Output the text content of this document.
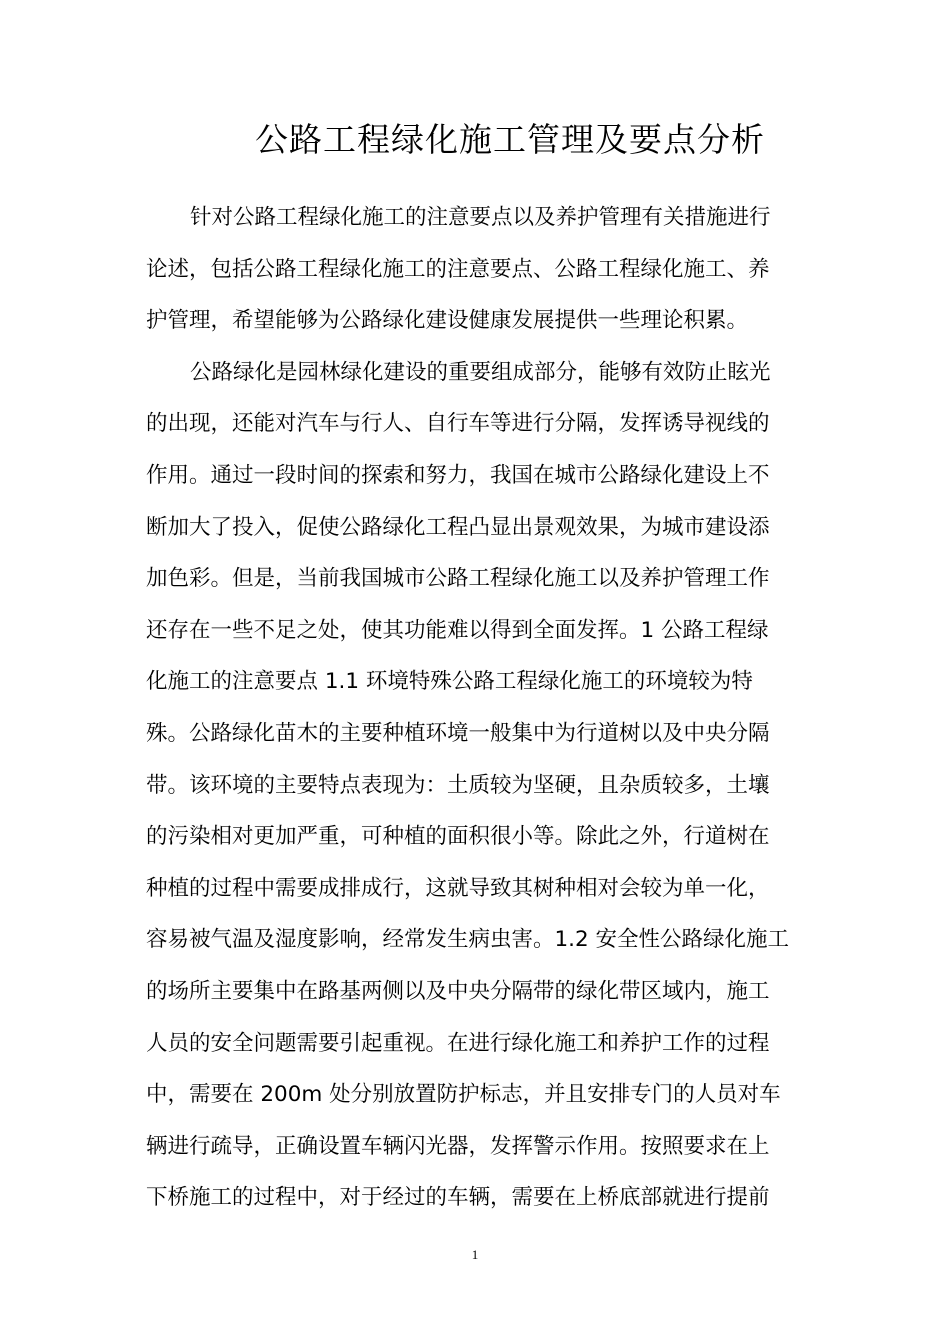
公路工程绿化施工管理及要点分析
针对公路工程绿化施工的注意要点以及养护管理有关措施进行
论述，包括公路工程绿化施工的注意要点、公路工程绿化施工、养
护管理，希望能够为公路绿化建设健康发展提供一些理论积累。
公路绿化是园林绿化建设的重要组成部分，能够有效防止眩光
的出现，还能对汽车与行人、自行车等进行分隔，发挥诱导视线的
作用。通过一段时间的探索和努力，我国在城市公路绿化建设上不
断加大了投入，促使公路绿化工程凸显出景观效果，为城市建设添
加色彩。但是，当前我国城市公路工程绿化施工以及养护管理工作
还存在一些不足之处，使其功能难以得到全面发挥。1 公路工程绿
化施工的注意要点 1.1 环境特殊公路工程绿化施工的环境较为特
殊。公路绿化苗木的主要种植环境一般集中为行道树以及中央分隔
带。该环境的主要特点表现为：土质较为坚硬，且杂质较多，土壤
的污染相对更加严重，可种植的面积很小等。除此之外，行道树在
种植的过程中需要成排成行，这就导致其树种相对会较为单一化，
容易被气温及湿度影响，经常发生病虫害。1.2 安全性公路绿化施工
的场所主要集中在路基两侧以及中央分隔带的绿化带区域内，施工
人员的安全问题需要引起重视。在进行绿化施工和养护工作的过程
中，需要在 200m 处分别放置防护标志，并且安排专门的人员对车
辆进行疏导，正确设置车辆闪光器，发挥警示作用。按照要求在上
下桥施工的过程中，对于经过的车辆，需要在上桥底部就进行提前
1
